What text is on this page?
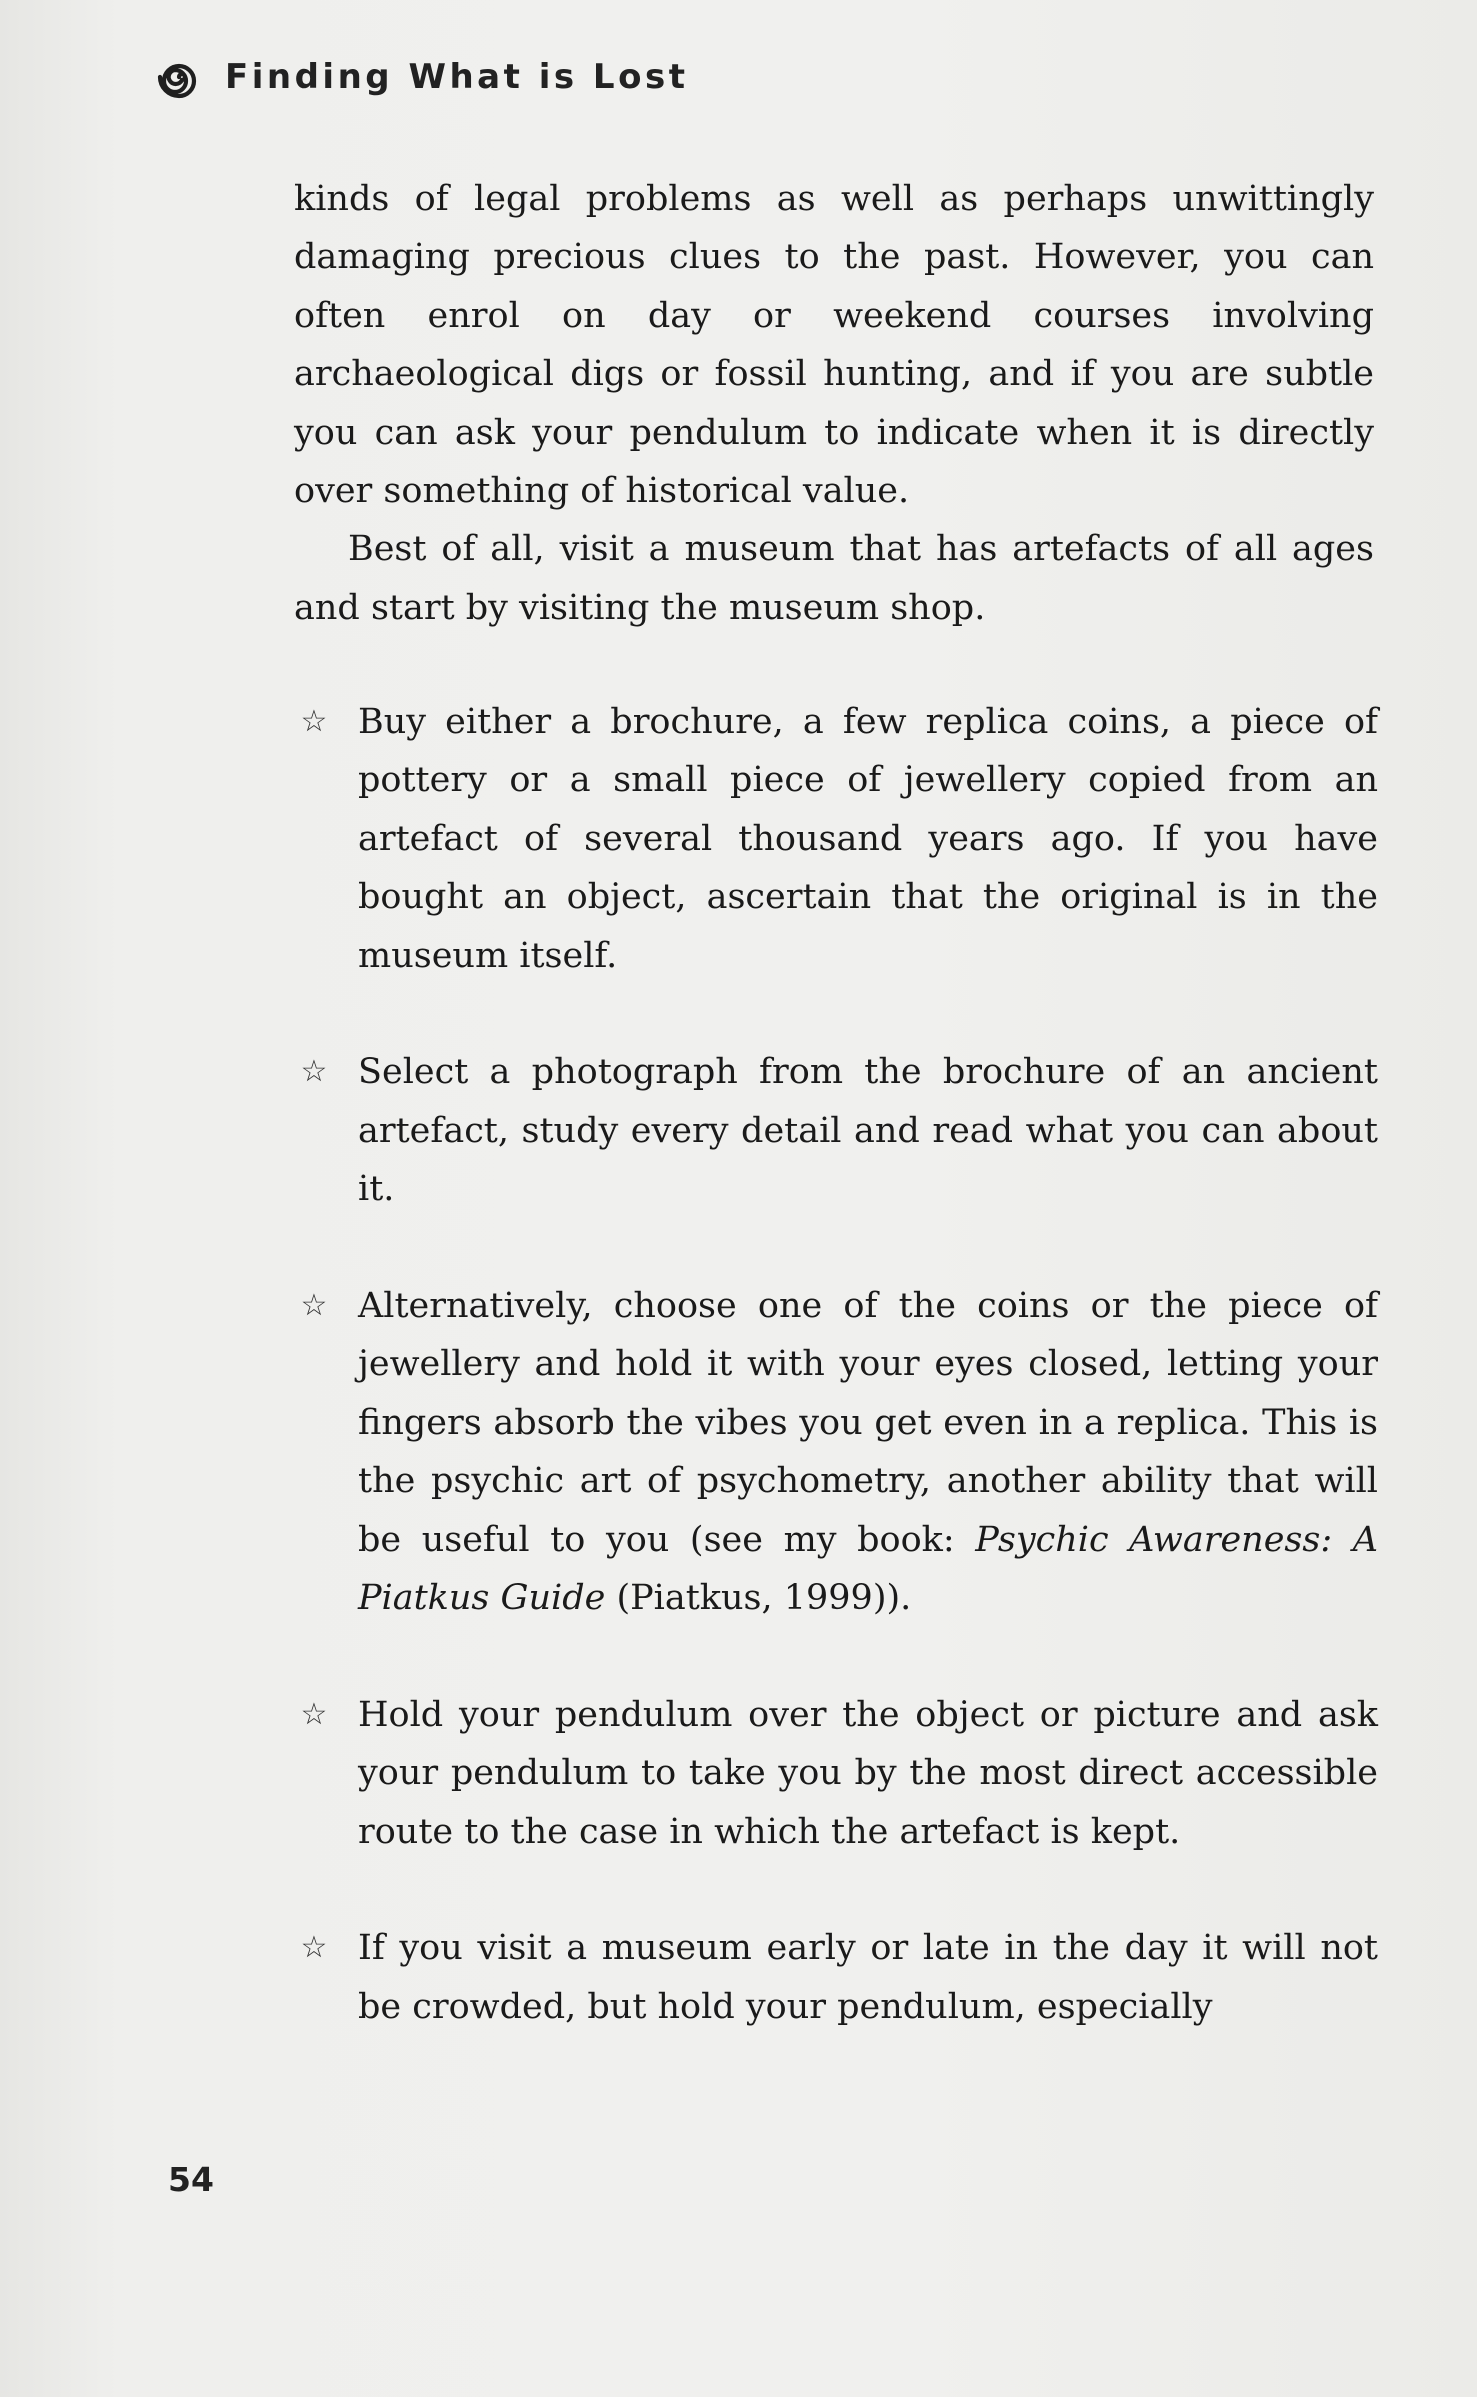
Finding What is Lost

kinds of legal problems as well as perhaps unwittingly damaging precious clues to the past. However, you can often enrol on day or weekend courses involving archaeological digs or fossil hunting, and if you are subtle you can ask your pendulum to indicate when it is directly over something of historical value.

Best of all, visit a museum that has artefacts of all ages and start by visiting the museum shop.

☆ Buy either a brochure, a few replica coins, a piece of pottery or a small piece of jewellery copied from an artefact of several thousand years ago. If you have bought an object, ascertain that the original is in the museum itself.
☆ Select a photograph from the brochure of an ancient artefact, study every detail and read what you can about it.
☆ Alternatively, choose one of the coins or the piece of jewellery and hold it with your eyes closed, letting your fingers absorb the vibes you get even in a replica. This is the psychic art of psychometry, another ability that will be useful to you (see my book: Psychic Awareness: A Piatkus Guide (Piatkus, 1999)).
☆ Hold your pendulum over the object or picture and ask your pendulum to take you by the most direct accessible route to the case in which the artefact is kept.
☆ If you visit a museum early or late in the day it will not be crowded, but hold your pendulum, especially
54
